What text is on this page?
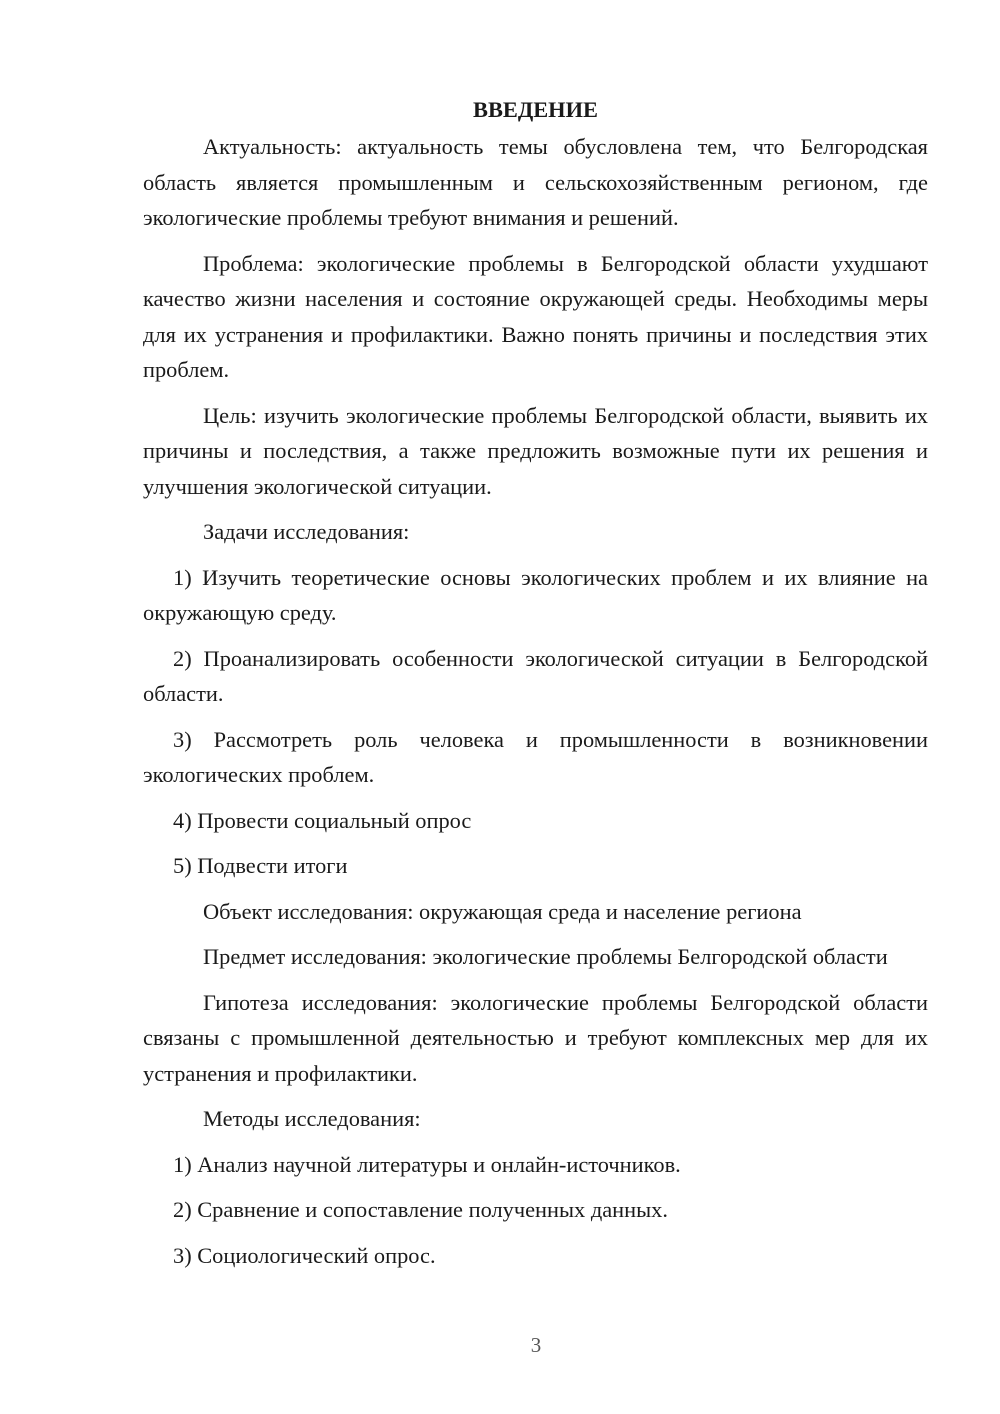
ВВЕДЕНИЕ

Актуальность: актуальность темы обусловлена тем, что Белгородская область является промышленным и сельскохозяйственным регионом, где экологические проблемы требуют внимания и решений.

Проблема: экологические проблемы в Белгородской области ухудшают качество жизни населения и состояние окружающей среды. Необходимы меры для их устранения и профилактики. Важно понять причины и последствия этих проблем.

Цель: изучить экологические проблемы Белгородской области, выявить их причины и последствия, а также предложить возможные пути их решения и улучшения экологической ситуации.

Задачи исследования:

1) Изучить теоретические основы экологических проблем и их влияние на окружающую среду.

2) Проанализировать особенности экологической ситуации в Белгородской области.

3) Рассмотреть роль человека и промышленности в возникновении экологических проблем.

4) Провести социальный опрос

5) Подвести итоги

Объект исследования: окружающая среда и население региона

Предмет исследования: экологические проблемы Белгородской области

Гипотеза исследования: экологические проблемы Белгородской области связаны с промышленной деятельностью и требуют комплексных мер для их устранения и профилактики.

Методы исследования:

1) Анализ научной литературы и онлайн-источников.

2) Сравнение и сопоставление полученных данных.

3) Социологический опрос.

3
